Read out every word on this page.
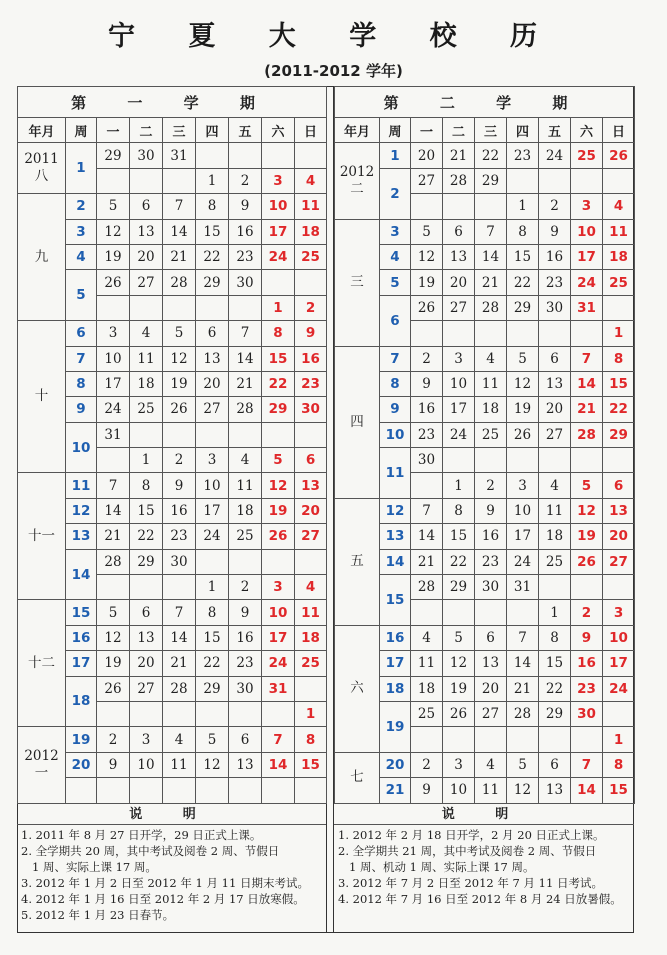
宁 夏 大 学 校 历
(2011-2012 学年)
第 一 学 期								
年月	周	一	二	三	四	五	六	日
2011
八	1	29	30	31				
					1	2	3	4
九	2	5	6	7	8	9	10	11
	3	12	13	14	15	16	17	18
	4	19	20	21	22	23	24	25
	5	26	27	28	29	30		
							1	2
十	6	3	4	5	6	7	8	9
	7	10	11	12	13	14	15	16
	8	17	18	19	20	21	22	23
	9	24	25	26	27	28	29	30
	10	31						
			1	2	3	4	5	6
十一	11	7	8	9	10	11	12	13
	12	14	15	16	17	18	19	20
	13	21	22	23	24	25	26	27
	14	28	29	30				
					1	2	3	4
十二	15	5	6	7	8	9	10	11
	16	12	13	14	15	16	17	18
	17	19	20	21	22	23	24	25
	18	26	27	28	29	30	31	
								1
2012
一	19	2	3	4	5	6	7	8
	20	9	10	11	12	13	14	15

第 二 学 期								
年月	周	一	二	三	四	五	六	日
2012
二	1	20	21	22	23	24	25	26
	2	27	28	29				
					1	2	3	4
三	3	5	6	7	8	9	10	11
	4	12	13	14	15	16	17	18
	5	19	20	21	22	23	24	25
	6	26	27	28	29	30	31	
								1
四	7	2	3	4	5	6	7	8
	8	9	10	11	12	13	14	15
	9	16	17	18	19	20	21	22
	10	23	24	25	26	27	28	29
	11	30						
			1	2	3	4	5	6
五	12	7	8	9	10	11	12	13
	13	14	15	16	17	18	19	20
	14	21	22	23	24	25	26	27
	15	28	29	30	31			
						1	2	3
六	16	4	5	6	7	8	9	10
	17	11	12	13	14	15	16	17
	18	18	19	20	21	22	23	24
	19	25	26	27	28	29	30	
								1
七	20	2	3	4	5	6	7	8
	21	9	10	11	12	13	14	15
说 明
1. 2011 年 8 月 27 日开学，29 日正式上课。
2. 全学期共 20 周，其中考试及阅卷 2 周、节假日
1 周、实际上课 17 周。
3. 2012 年 1 月 2 日至 2012 年 1 月 11 日期末考试。
4. 2012 年 1 月 16 日至 2012 年 2 月 17 日放寒假。
5. 2012 年 1 月 23 日春节。
说 明
1. 2012 年 2 月 18 日开学，2 月 20 日正式上课。
2. 全学期共 21 周，其中考试及阅卷 2 周、节假日
1 周、机动 1 周、实际上课 17 周。
3. 2012 年 7 月 2 日至 2012 年 7 月 11 日考试。
4. 2012 年 7 月 16 日至 2012 年 8 月 24 日放暑假。
